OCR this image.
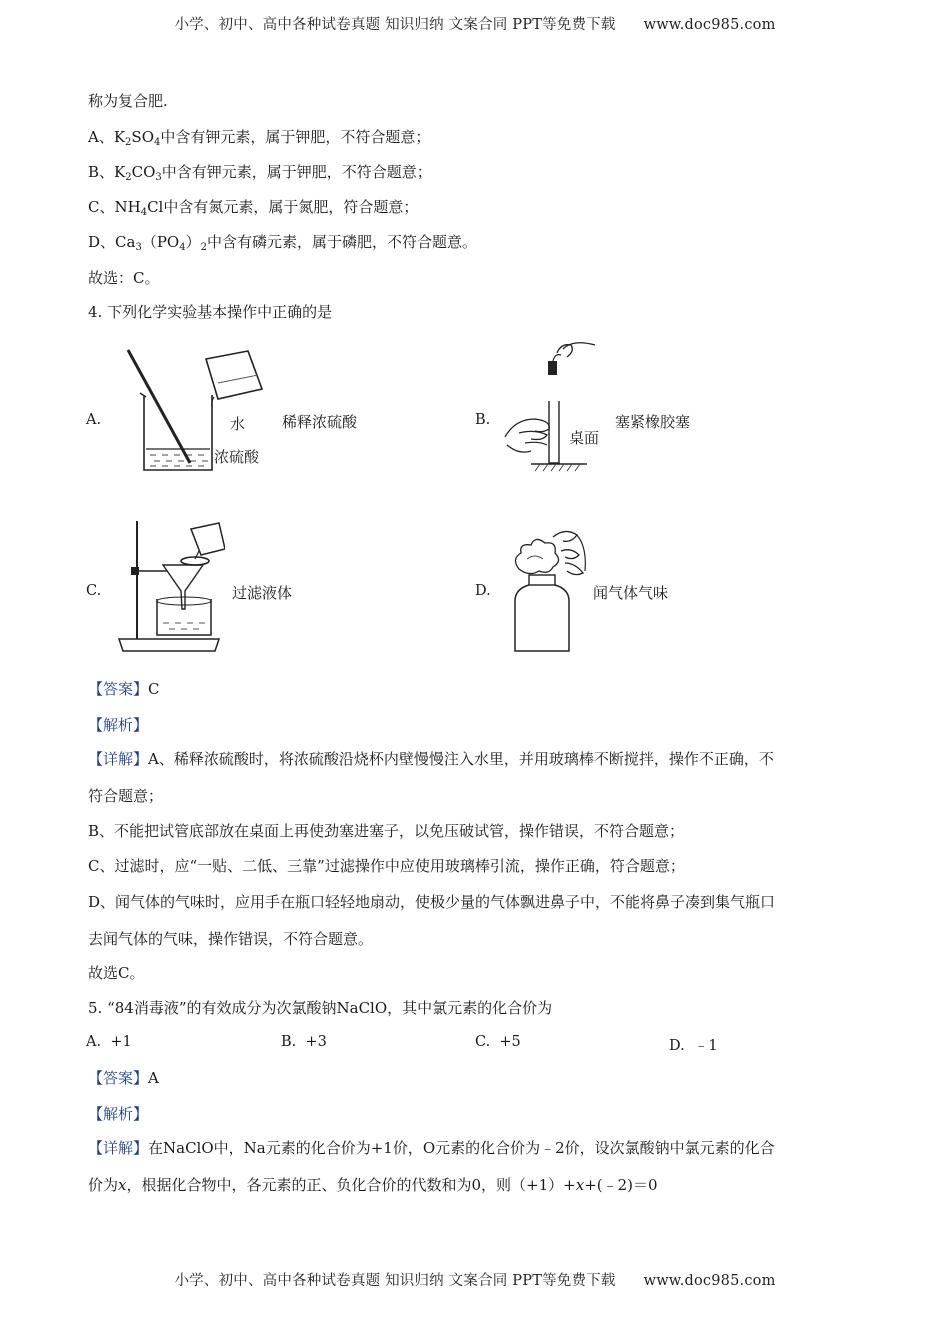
小学、初中、高中各种试卷真题 知识归纳 文案合同 PPT等免费下载 www.doc985.com
称为复合肥.
A、$K_2SO_4$中含有钾元素，属于钾肥，不符合题意；
B、$K_2CO_3$中含有钾元素，属于钾肥，不符合题意；
C、$NH_4Cl$中含有氮元素，属于氮肥，符合题意；
D、$Ca_3(PO_4)_2$中含有磷元素，属于磷肥，不符合题意。
故选：C。
4. 下列化学实验基本操作中正确的是
A.	水
浓硫酸
稀释浓硫酸	B.
桌面
塞紧橡胶塞
C.	过滤液体	D.	闻气体气味
【答案】C
【解析】
【详解】A、稀释浓硫酸时，将浓硫酸沿烧杯内壁慢慢注入水里，并用玻璃棒不断搅拌，操作不正确，不
符合题意；
B、不能把试管底部放在桌面上再使劲塞进塞子，以免压破试管，操作错误，不符合题意；
C、过滤时，应“一贴、二低、三靠”过滤操作中应使用玻璃棒引流，操作正确，符合题意；
D、闻气体的气味时，应用手在瓶口轻轻地扇动，使极少量的气体飘进鼻子中，不能将鼻子凑到集气瓶口
去闻气体的气味，操作错误，不符合题意。
故选C。
5. “84消毒液”的有效成分为次氯酸钠NaClO，其中氯元素的化合价为
A. +1	B. +3	C. +5	D. ﹣1
【答案】A
【解析】
【详解】在NaClO中，Na元素的化合价为+1价，O元素的化合价为﹣2价，设次氯酸钠中氯元素的化合
价为x，根据化合物中，各元素的正、负化合价的代数和为0，则（+1）+x+(﹣2)＝0
小学、初中、高中各种试卷真题 知识归纳 文案合同 PPT等免费下载 www.doc985.com
